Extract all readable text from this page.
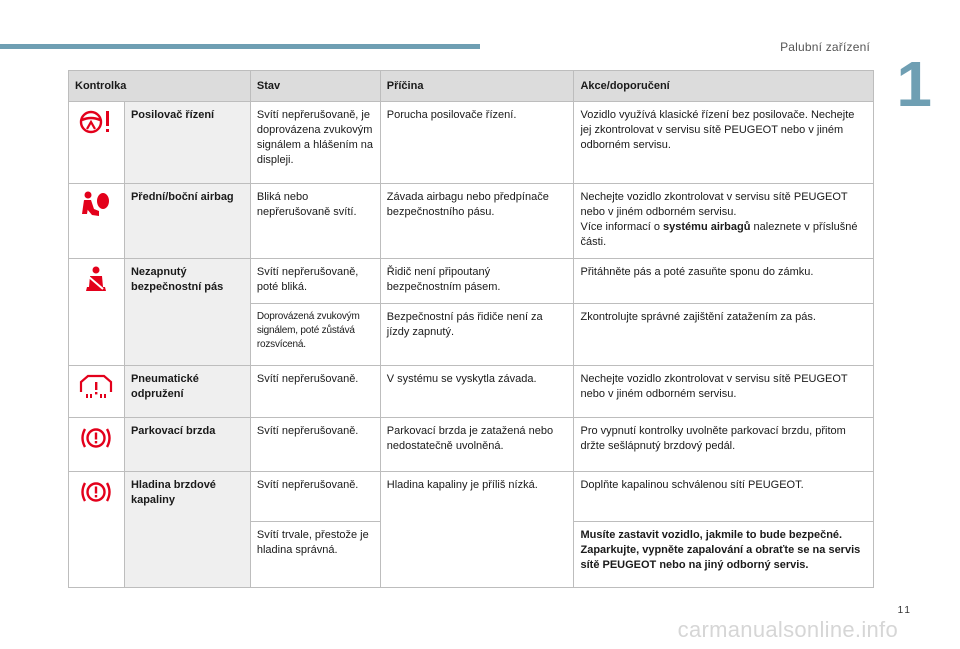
Palubní zařízení
1
Kontrolka		Stav	Příčina	Akce/doporučení

	Posilovač řízení	Svítí nepřerušovaně, je doprovázena zvukovým signálem a hlášením na displeji.	Porucha posilovače řízení.	Vozidlo využívá klasické řízení bez posilovače. Nechejte jej zkontrolovat v servisu sítě PEUGEOT nebo v jiném odborném servisu.

	Přední/boční airbag	Bliká nebo nepřerušovaně svítí.	Závada airbagu nebo předpínače bezpečnostního pásu.	Nechejte vozidlo zkontrolovat v servisu sítě PEUGEOT nebo v jiném odborném servisu.
Více informací o systému airbagů naleznete v příslušné části.

	Nezapnutý bezpečnostní pás	Svítí nepřerušovaně, poté bliká.	Řidič není připoutaný bezpečnostním pásem.	Přitáhněte pás a poté zasuňte sponu do zámku.
		Doprovázená zvukovým signálem, poté zůstává rozsvícená.	Bezpečnostní pás řidiče není za jízdy zapnutý.	Zkontrolujte správné zajištění zatažením za pás.

	Pneumatické odpružení	Svítí nepřerušovaně.	V systému se vyskytla závada.	Nechejte vozidlo zkontrolovat v servisu sítě PEUGEOT nebo v jiném odborném servisu.

	Parkovací brzda	Svítí nepřerušovaně.	Parkovací brzda je zatažená nebo nedostatečně uvolněná.	Pro vypnutí kontrolky uvolněte parkovací brzdu, přitom držte sešlápnutý brzdový pedál.

	Hladina brzdové kapaliny	Svítí nepřerušovaně.	Hladina kapaliny je příliš nízká.	Doplňte kapalinou schválenou sítí PEUGEOT.
		Svítí trvale, přestože je hladina správná.		Musíte zastavit vozidlo, jakmile to bude bezpečné. Zaparkujte, vypněte zapalování a obraťte se na servis sítě PEUGEOT nebo na jiný odborný servis.
11
carmanualsonline.info
